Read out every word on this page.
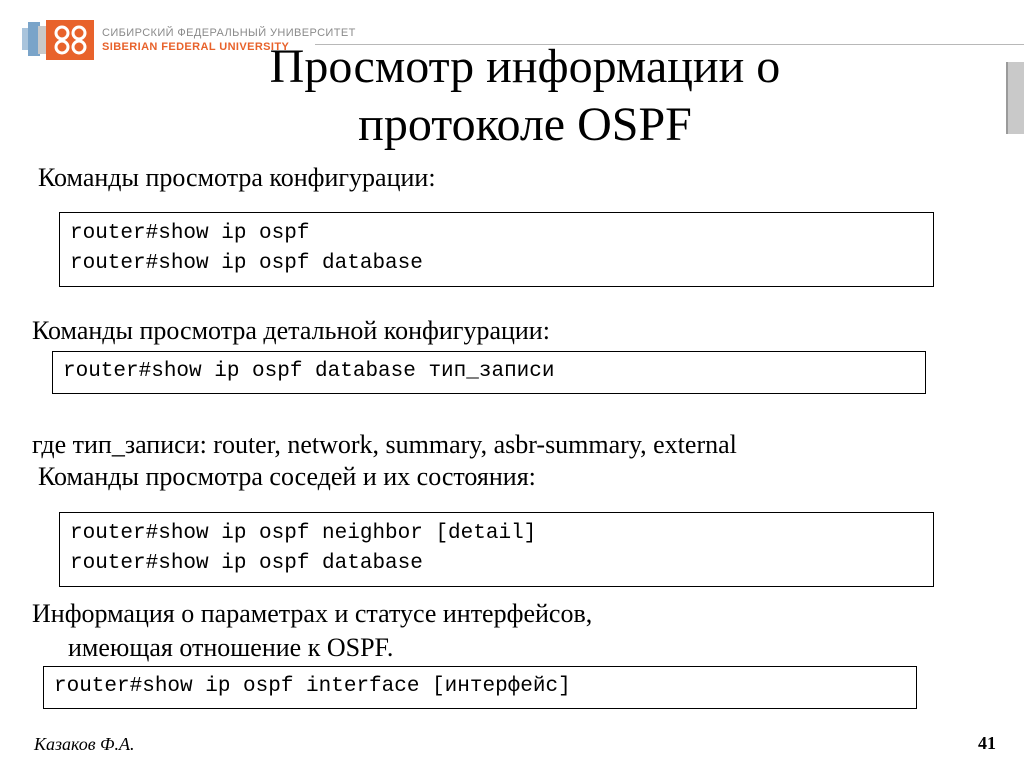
СИБИРСКИЙ ФЕДЕРАЛЬНЫЙ УНИВЕРСИТЕТ
SIBERIAN FEDERAL UNIVERSITY
Просмотр информации о
протоколе OSPF
Команды просмотра конфигурации:
router#show ip ospf
router#show ip ospf database
Команды просмотра детальной конфигурации:
router#show ip ospf database тип_записи
где тип_записи: router, network, summary, asbr-summary, external
Команды просмотра соседей и их состояния:
router#show ip ospf neighbor [detail]
router#show ip ospf database
Информация о параметрах и статусе интерфейсов,
имеющая отношение к OSPF.
router#show ip ospf interface [интерфейс]
Казаков Ф.А.	41
